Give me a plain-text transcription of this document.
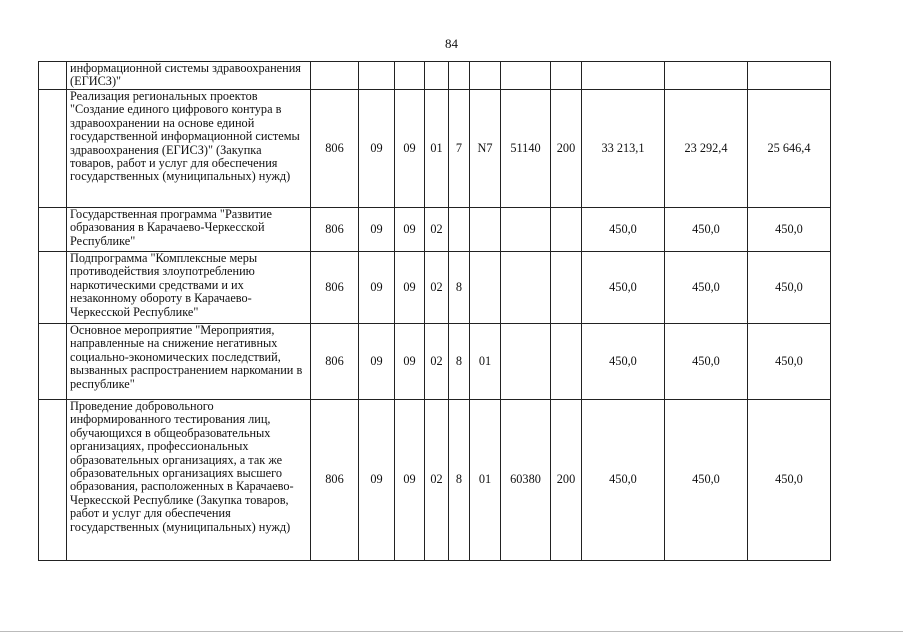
84
	информационной системы здравоохранения (ЕГИСЗ)"											
	Реализация региональных проектов "Создание единого цифрового контура в здравоохранении на основе единой государственной информационной системы здравоохранения (ЕГИСЗ)" (Закупка товаров, работ и услуг для обеспечения государственных (муниципальных) нужд)	806	09	09	01	7	N7	51140	200	33 213,1	23 292,4	25 646,4
	Государственная программа "Развитие образования в Карачаево-Черкесской Республике"	806	09	09	02					450,0	450,0	450,0
	Подпрограмма "Комплексные меры противодействия злоупотреблению наркотическими средствами и их незаконному обороту в Карачаево-Черкесской Республике"	806	09	09	02	8				450,0	450,0	450,0
	Основное мероприятие "Мероприятия, направленные на снижение негативных социально-экономических последствий, вызванных распространением наркомании в республике"	806	09	09	02	8	01			450,0	450,0	450,0
	Проведение добровольного информированного тестирования лиц, обучающихся в общеобразовательных организациях, профессиональных образовательных организациях, а так же образовательных организациях высшего образования, расположенных в Карачаево-Черкесской Республике (Закупка товаров, работ и услуг для обеспечения государственных (муниципальных) нужд)	806	09	09	02	8	01	60380	200	450,0	450,0	450,0
